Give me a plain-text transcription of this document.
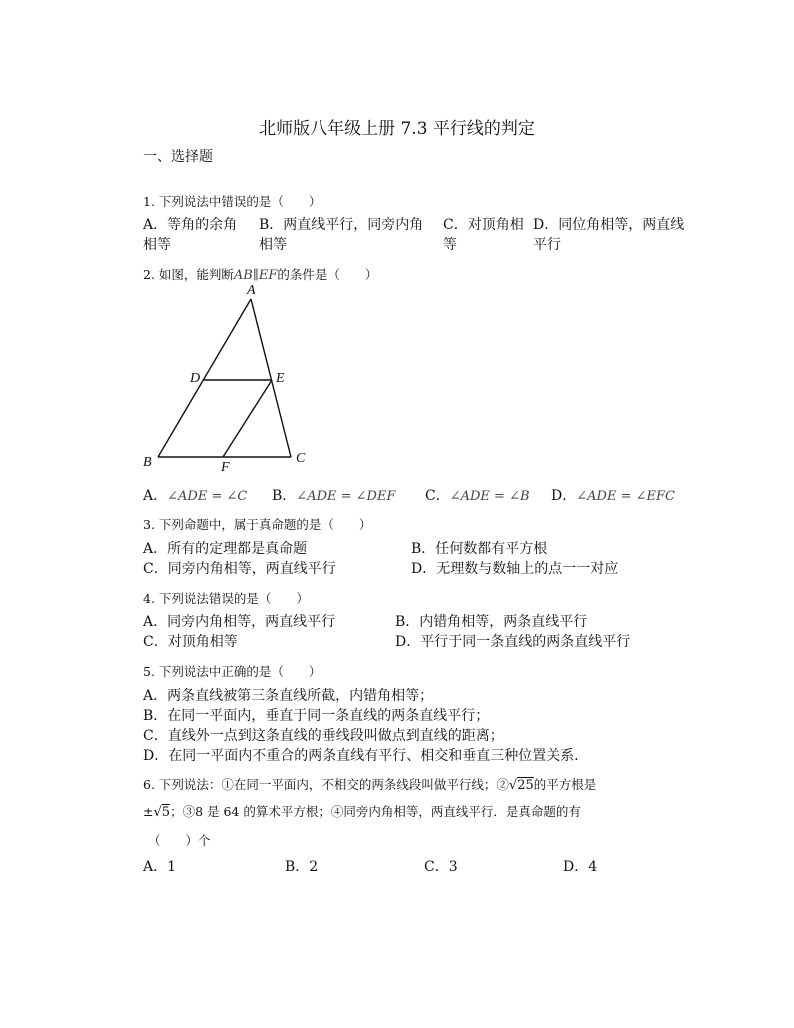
北师版八年级上册 7.3 平行线的判定
一、选择题
1. 下列说法中错误的是（　　）
A．等角的余角
相等
B．两直线平行，同旁内角
相等
C．对顶角相
等
D．同位角相等，两直线
平行
2. 如图，能判断AB∥EF的条件是（　　）
A
D	E
B	C
F
A．∠ADE = ∠C B．∠ADE = ∠DEF C．∠ADE = ∠B D．∠ADE = ∠EFC
3. 下列命题中，属于真命题的是（　　）
A．所有的定理都是真命题	B．任何数都有平方根
C．同旁内角相等，两直线平行	D．无理数与数轴上的点一一对应
4. 下列说法错误的是（　　）
A．同旁内角相等，两直线平行	B．内错角相等，两条直线平行
C．对顶角相等	D．平行于同一条直线的两条直线平行
5. 下列说法中正确的是（　　）
A．两条直线被第三条直线所截，内错角相等；
B．在同一平面内，垂直于同一条直线的两条直线平行；
C．直线外一点到这条直线的垂线段叫做点到直线的距离；
D．在同一平面内不重合的两条直线有平行、相交和垂直三种位置关系．
6. 下列说法：①在同一平面内，不相交的两条线段叫做平行线；②√25的平方根是
±√5；③8 是 64 的算术平方根；④同旁内角相等，两直线平行．是真命题的有
（　　）个
A．1	B．2	C．3	D．4
